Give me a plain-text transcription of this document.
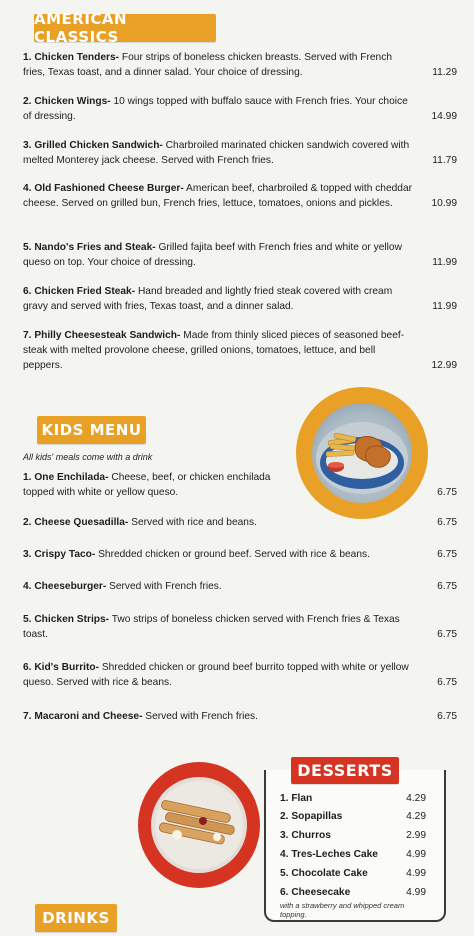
AMERICAN CLASSICS
1. Chicken Tenders- Four strips of boneless chicken breasts. Served with French fries, Texas toast, and a dinner salad. Your choice of dressing.	11.29
2. Chicken Wings- 10 wings topped with buffalo sauce with French fries. Your choice of dressing.	14.99
3. Grilled Chicken Sandwich- Charbroiled marinated chicken sandwich covered with melted Monterey jack cheese. Served with French fries.	11.79
4. Old Fashioned Cheese Burger- American beef, charbroiled & topped with cheddar cheese. Served on grilled bun, French fries, lettuce, tomatoes, onions and pickles.	10.99
5. Nando's Fries and Steak- Grilled fajita beef with French fries and white or yellow queso on top. Your choice of dressing.	11.99
6. Chicken Fried Steak- Hand breaded and lightly fried steak covered with cream gravy and served with fries, Texas toast, and a dinner salad.	11.99
7. Philly Cheesesteak Sandwich- Made from thinly sliced pieces of seasoned beef-steak with melted provolone cheese, grilled onions, tomatoes, lettuce, and bell peppers.	12.99
KIDS MENU
All kids' meals come with a drink
1. One Enchilada- Cheese, beef, or chicken enchilada topped with white or yellow queso.	6.75
2. Cheese Quesadilla- Served with rice and beans.	6.75
3. Crispy Taco- Shredded chicken or ground beef. Served with rice & beans.	6.75
4. Cheeseburger- Served with French fries.	6.75
5. Chicken Strips- Two strips of boneless chicken served with French fries & Texas toast.	6.75
6. Kid's Burrito- Shredded chicken or ground beef burrito topped with white or yellow queso. Served with rice & beans.	6.75
7. Macaroni and Cheese- Served with French fries.	6.75
1. Flan	4.29
2. Sopapillas	4.29
3. Churros	2.99
4. Tres-Leches Cake	4.99
5. Chocolate Cake	4.99
6. Cheesecake	4.99
with a strawberry and whipped cream topping.
DESSERTS
DRINKS
